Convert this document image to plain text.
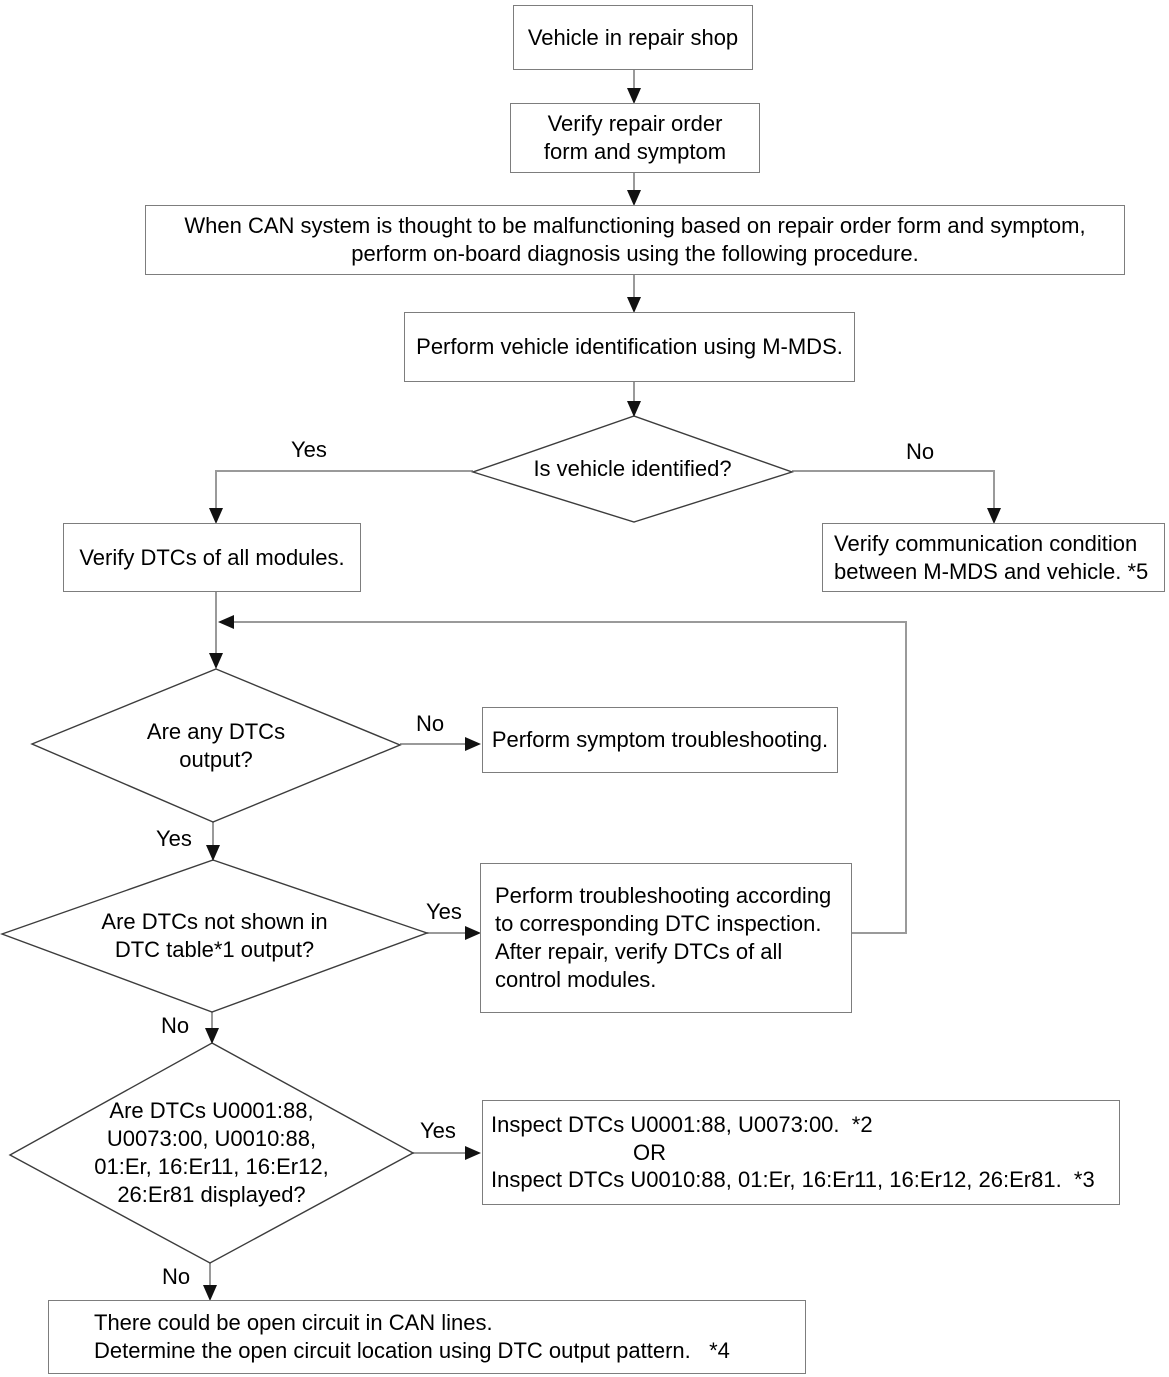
Vehicle in repair shop
Verify repair order
form and symptom
When CAN system is thought to be malfunctioning based on repair order form and symptom,
perform on-board diagnosis using the following procedure.
Perform vehicle identification using M-MDS.
Verify DTCs of all modules.
Verify communication condition
between M-MDS and vehicle. *5
Perform symptom troubleshooting.
Perform troubleshooting according
to corresponding DTC inspection.
After repair, verify DTCs of all
control modules.
Inspect DTCs U0001:88, U0073:00.  *2
OR
Inspect DTCs U0010:88, 01:Er, 16:Er11, 16:Er12, 26:Er81.  *3
There could be open circuit in CAN lines.
Determine the open circuit location using DTC output pattern.   *4
Is vehicle identified?
Are any DTCs
output?
Are DTCs not shown in
DTC table*1 output?
Are DTCs U0001:88,
U0073:00, U0010:88,
01:Er, 16:Er11, 16:Er12,
26:Er81 displayed?
Yes	No
No
Yes
Yes
No
Yes
No
